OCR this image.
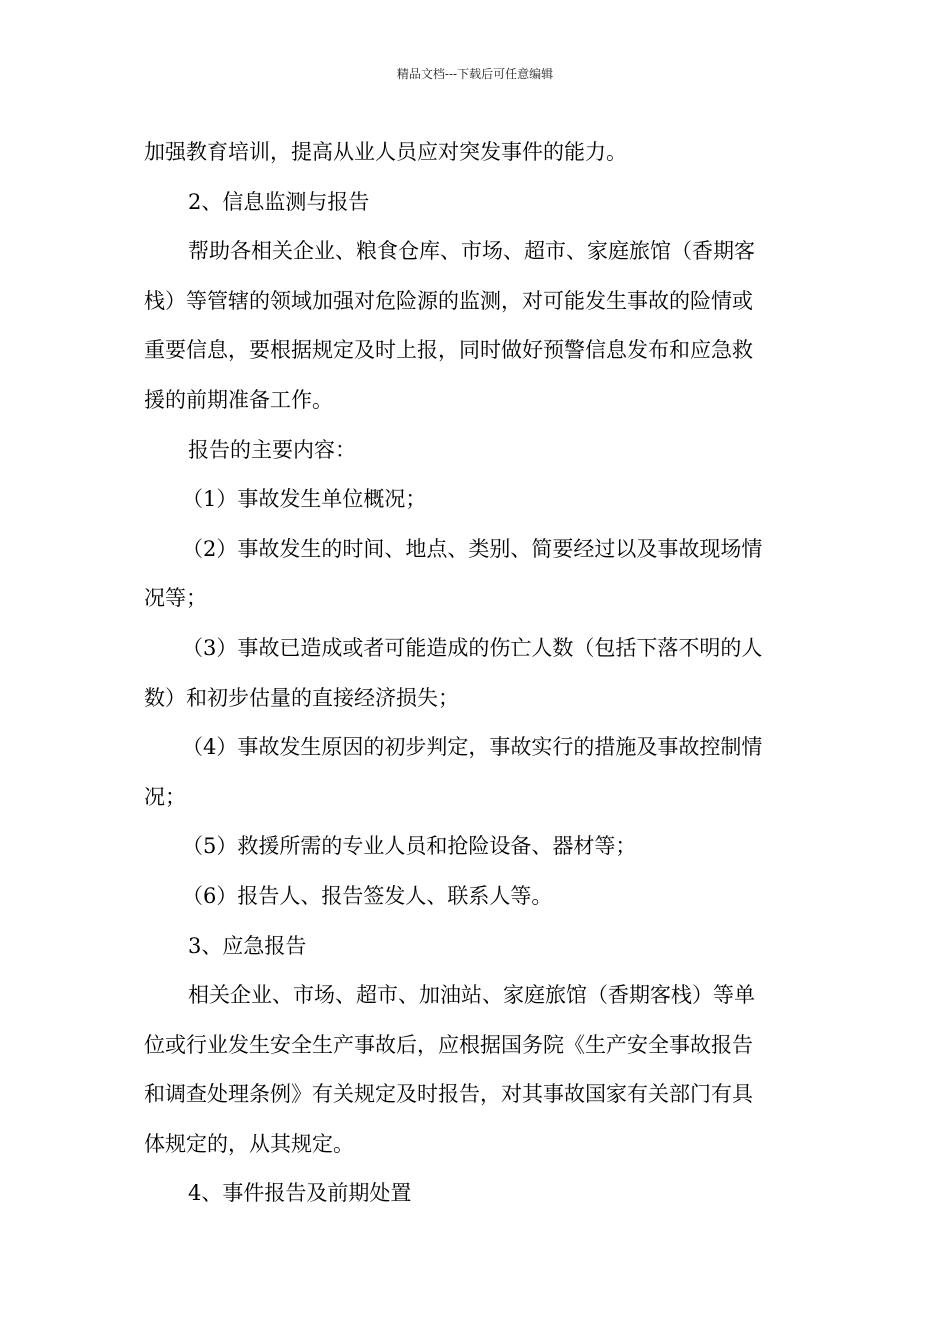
精品文档---下载后可任意编辑
加强教育培训，提高从业人员应对突发事件的能力。
2、信息监测与报告
帮助各相关企业、粮食仓库、市场、超市、家庭旅馆（香期客
栈）等管辖的领域加强对危险源的监测，对可能发生事故的险情或
重要信息，要根据规定及时上报，同时做好预警信息发布和应急救
援的前期准备工作。
报告的主要内容：
（1）事故发生单位概况；
（2）事故发生的时间、地点、类别、简要经过以及事故现场情
况等；
（3）事故已造成或者可能造成的伤亡人数（包括下落不明的人
数）和初步估量的直接经济损失；
（4）事故发生原因的初步判定，事故实行的措施及事故控制情
况；
（5）救援所需的专业人员和抢险设备、器材等；
（6）报告人、报告签发人、联系人等。
3、应急报告
相关企业、市场、超市、加油站、家庭旅馆（香期客栈）等单
位或行业发生安全生产事故后，应根据国务院《生产安全事故报告
和调查处理条例》有关规定及时报告，对其事故国家有关部门有具
体规定的，从其规定。
4、事件报告及前期处置
